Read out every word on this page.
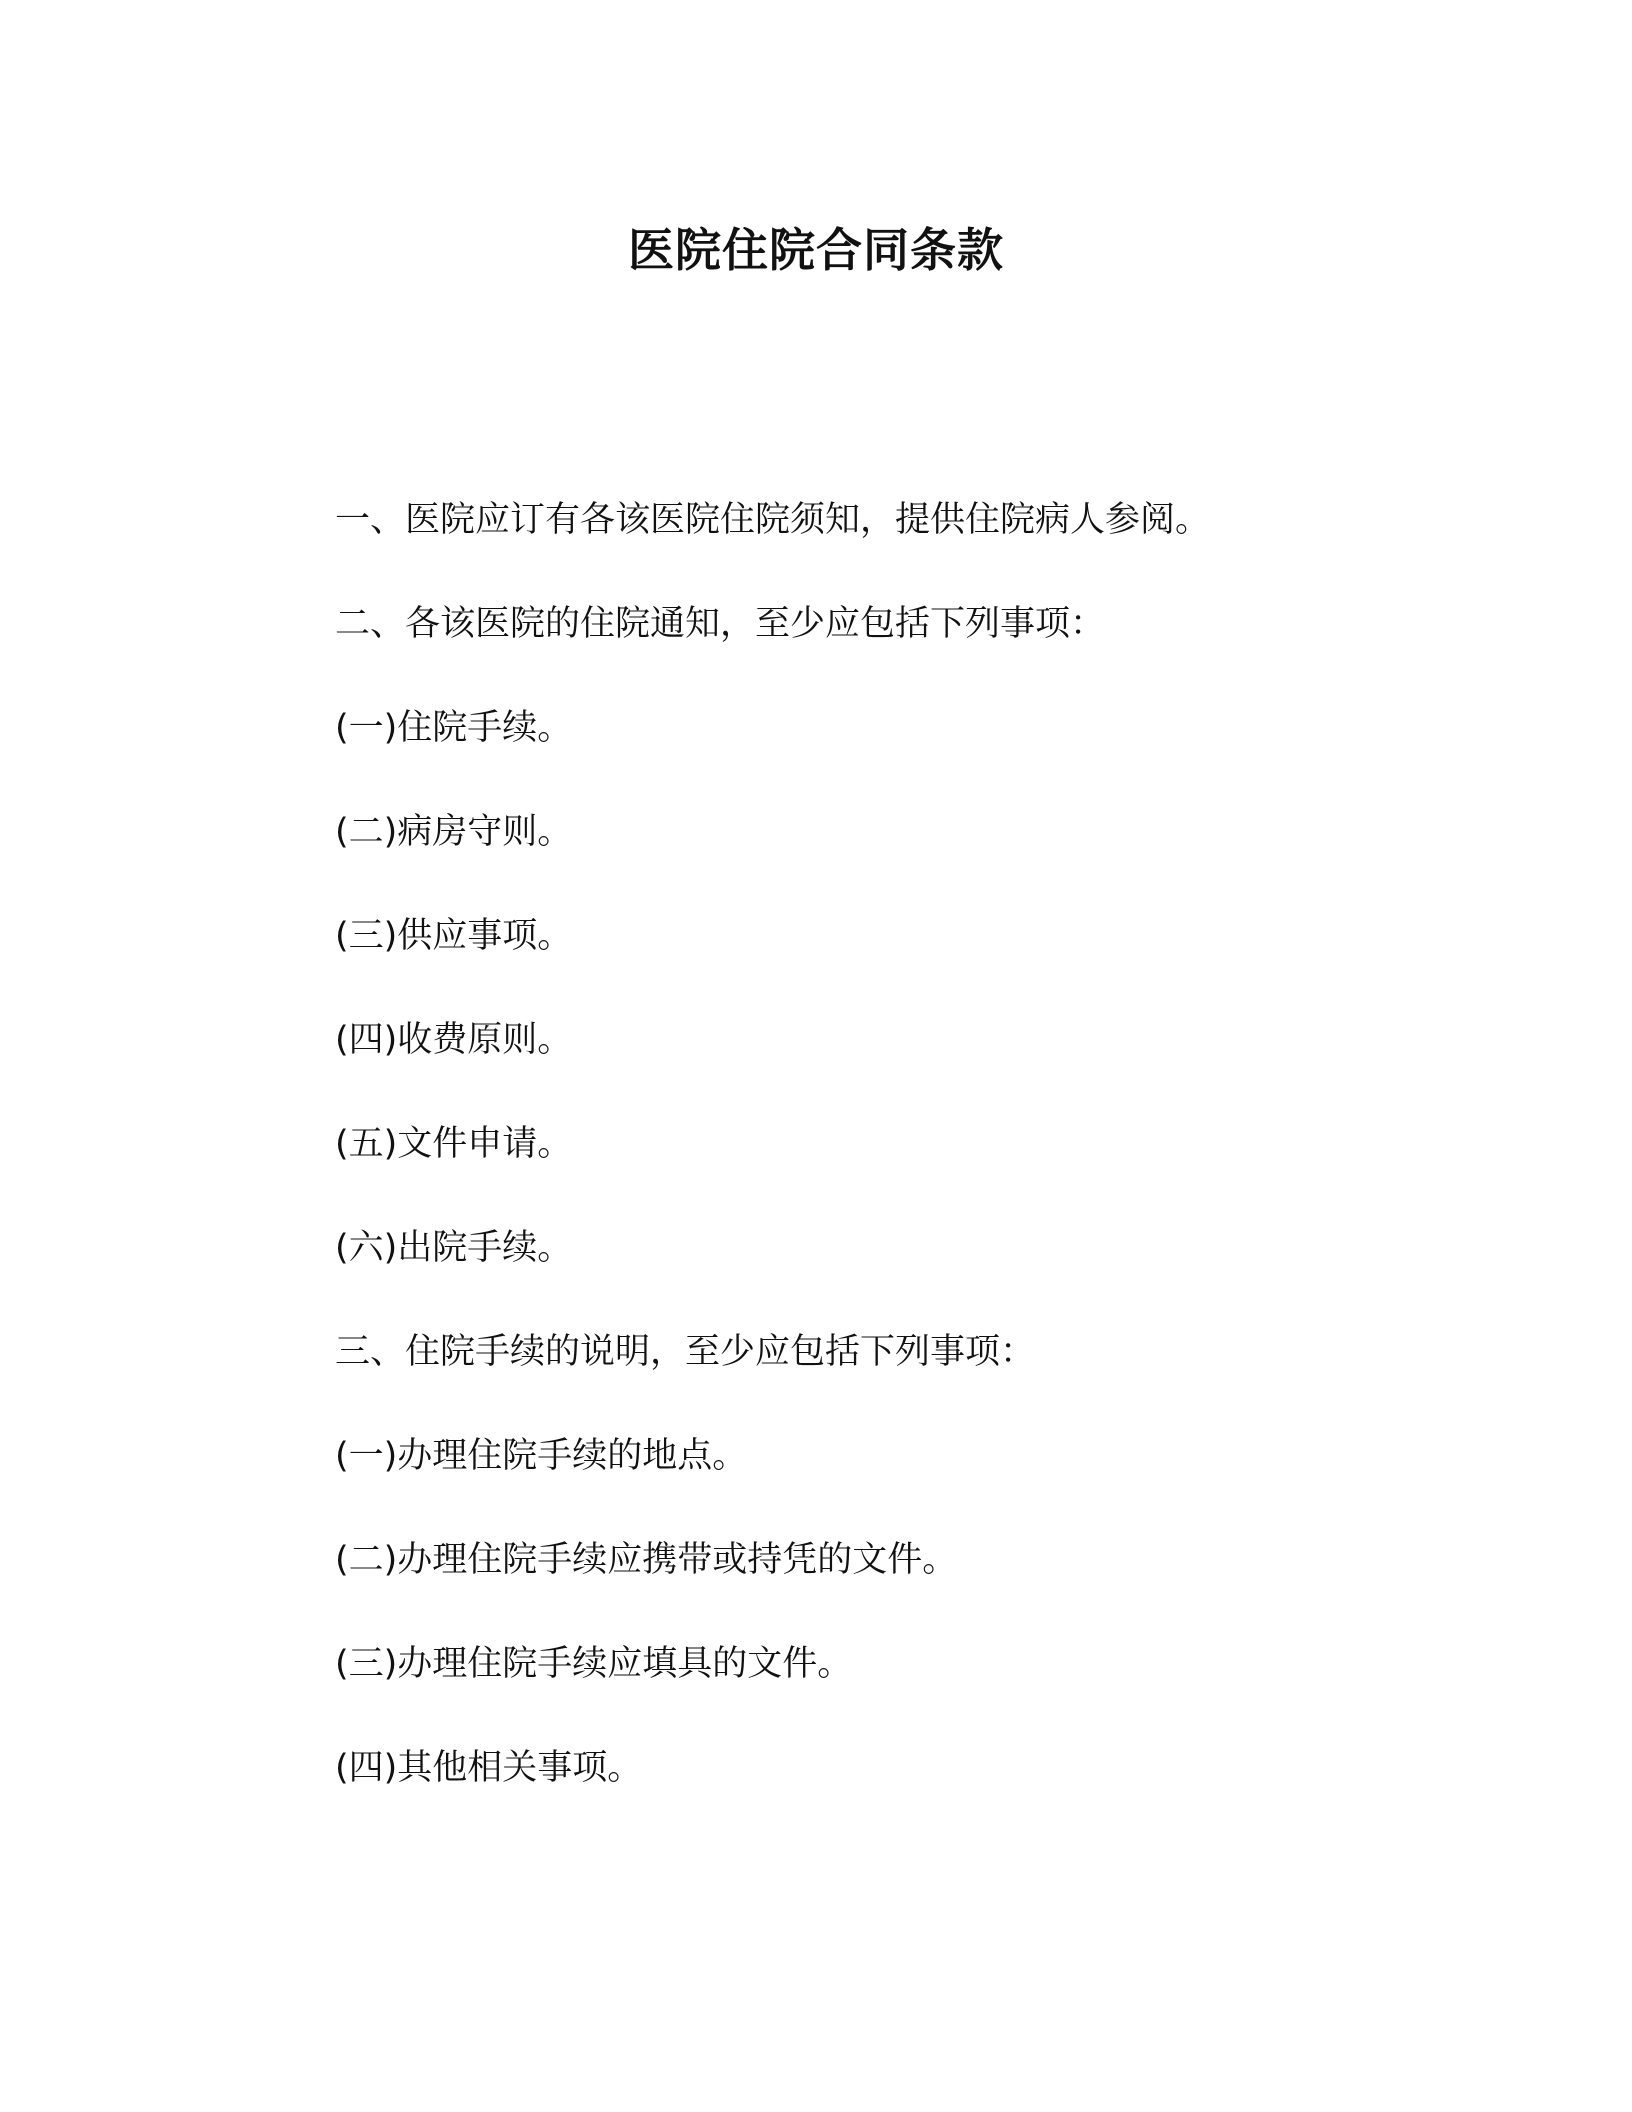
医院住院合同条款
一、医院应订有各该医院住院须知，提供住院病人参阅。
二、各该医院的住院通知，至少应包括下列事项：
(一)住院手续。
(二)病房守则。
(三)供应事项。
(四)收费原则。
(五)文件申请。
(六)出院手续。
三、住院手续的说明，至少应包括下列事项：
(一)办理住院手续的地点。
(二)办理住院手续应携带或持凭的文件。
(三)办理住院手续应填具的文件。
(四)其他相关事项。
